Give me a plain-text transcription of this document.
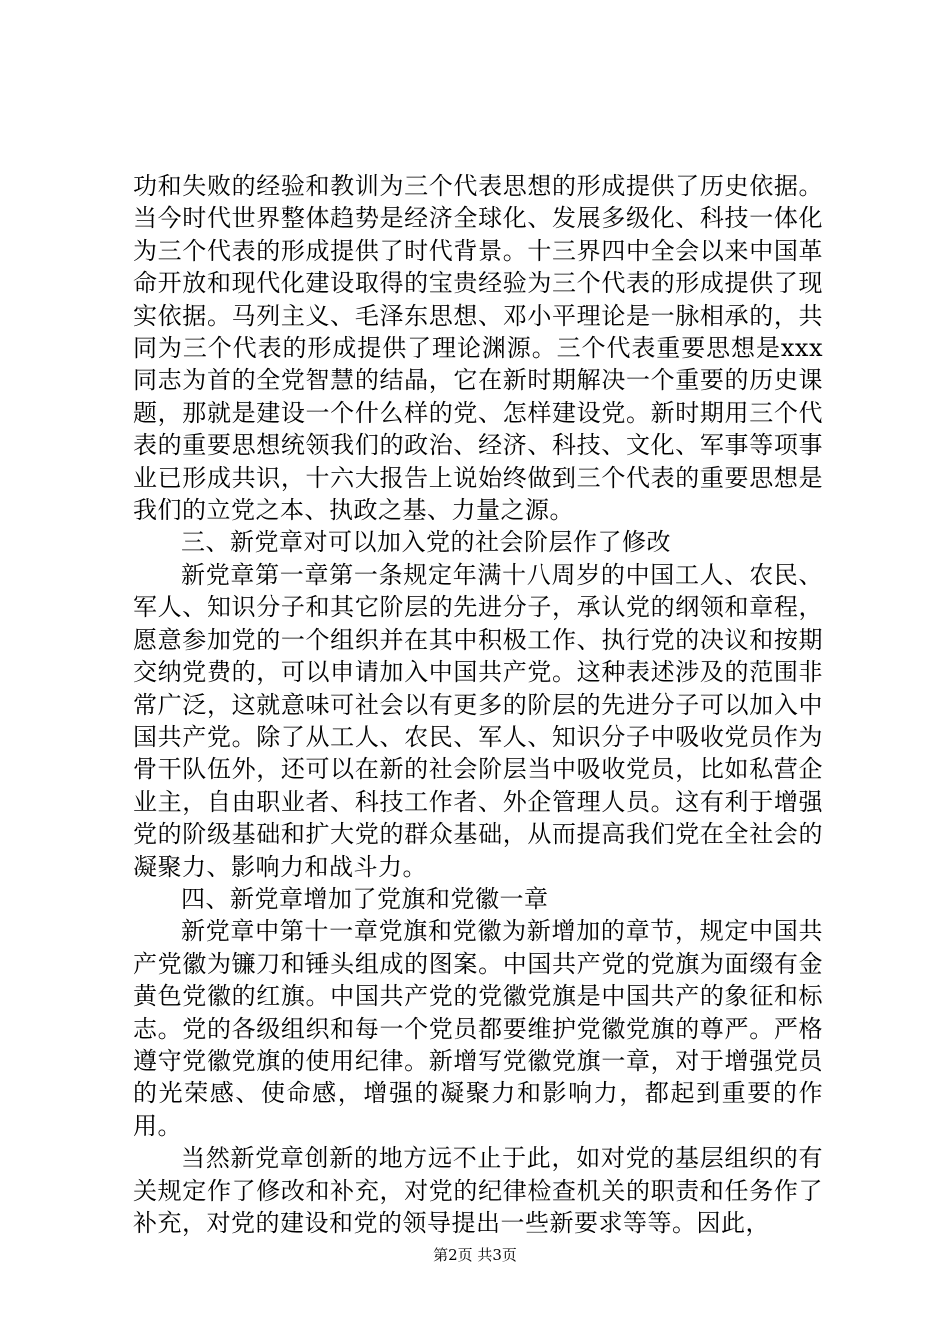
功和失败的经验和教训为三个代表思想的形成提供了历史依据。当今时代世界整体趋势是经济全球化、发展多级化、科技一体化为三个代表的形成提供了时代背景。十三界四中全会以来中国革命开放和现代化建设取得的宝贵经验为三个代表的形成提供了现实依据。马列主义、毛泽东思想、邓小平理论是一脉相承的，共同为三个代表的形成提供了理论渊源。三个代表重要思想是xxx同志为首的全党智慧的结晶，它在新时期解决一个重要的历史课题，那就是建设一个什么样的党、怎样建设党。新时期用三个代表的重要思想统领我们的政治、经济、科技、文化、军事等项事业已形成共识，十六大报告上说始终做到三个代表的重要思想是我们的立党之本、执政之基、力量之源。

三、新党章对可以加入党的社会阶层作了修改

新党章第一章第一条规定年满十八周岁的中国工人、农民、军人、知识分子和其它阶层的先进分子，承认党的纲领和章程，愿意参加党的一个组织并在其中积极工作、执行党的决议和按期交纳党费的，可以申请加入中国共产党。这种表述涉及的范围非常广泛，这就意味可社会以有更多的阶层的先进分子可以加入中国共产党。除了从工人、农民、军人、知识分子中吸收党员作为骨干队伍外，还可以在新的社会阶层当中吸收党员，比如私营企业主，自由职业者、科技工作者、外企管理人员。这有利于增强党的阶级基础和扩大党的群众基础，从而提高我们党在全社会的凝聚力、影响力和战斗力。

四、新党章增加了党旗和党徽一章

新党章中第十一章党旗和党徽为新增加的章节，规定中国共产党徽为镰刀和锤头组成的图案。中国共产党的党旗为面缀有金黄色党徽的红旗。中国共产党的党徽党旗是中国共产的象征和标志。党的各级组织和每一个党员都要维护党徽党旗的尊严。严格遵守党徽党旗的使用纪律。新增写党徽党旗一章，对于增强党员的光荣感、使命感，增强的凝聚力和影响力，都起到重要的作用。

当然新党章创新的地方远不止于此，如对党的基层组织的有关规定作了修改和补充，对党的纪律检查机关的职责和任务作了补充，对党的建设和党的领导提出一些新要求等等。因此，

第2页 共3页
